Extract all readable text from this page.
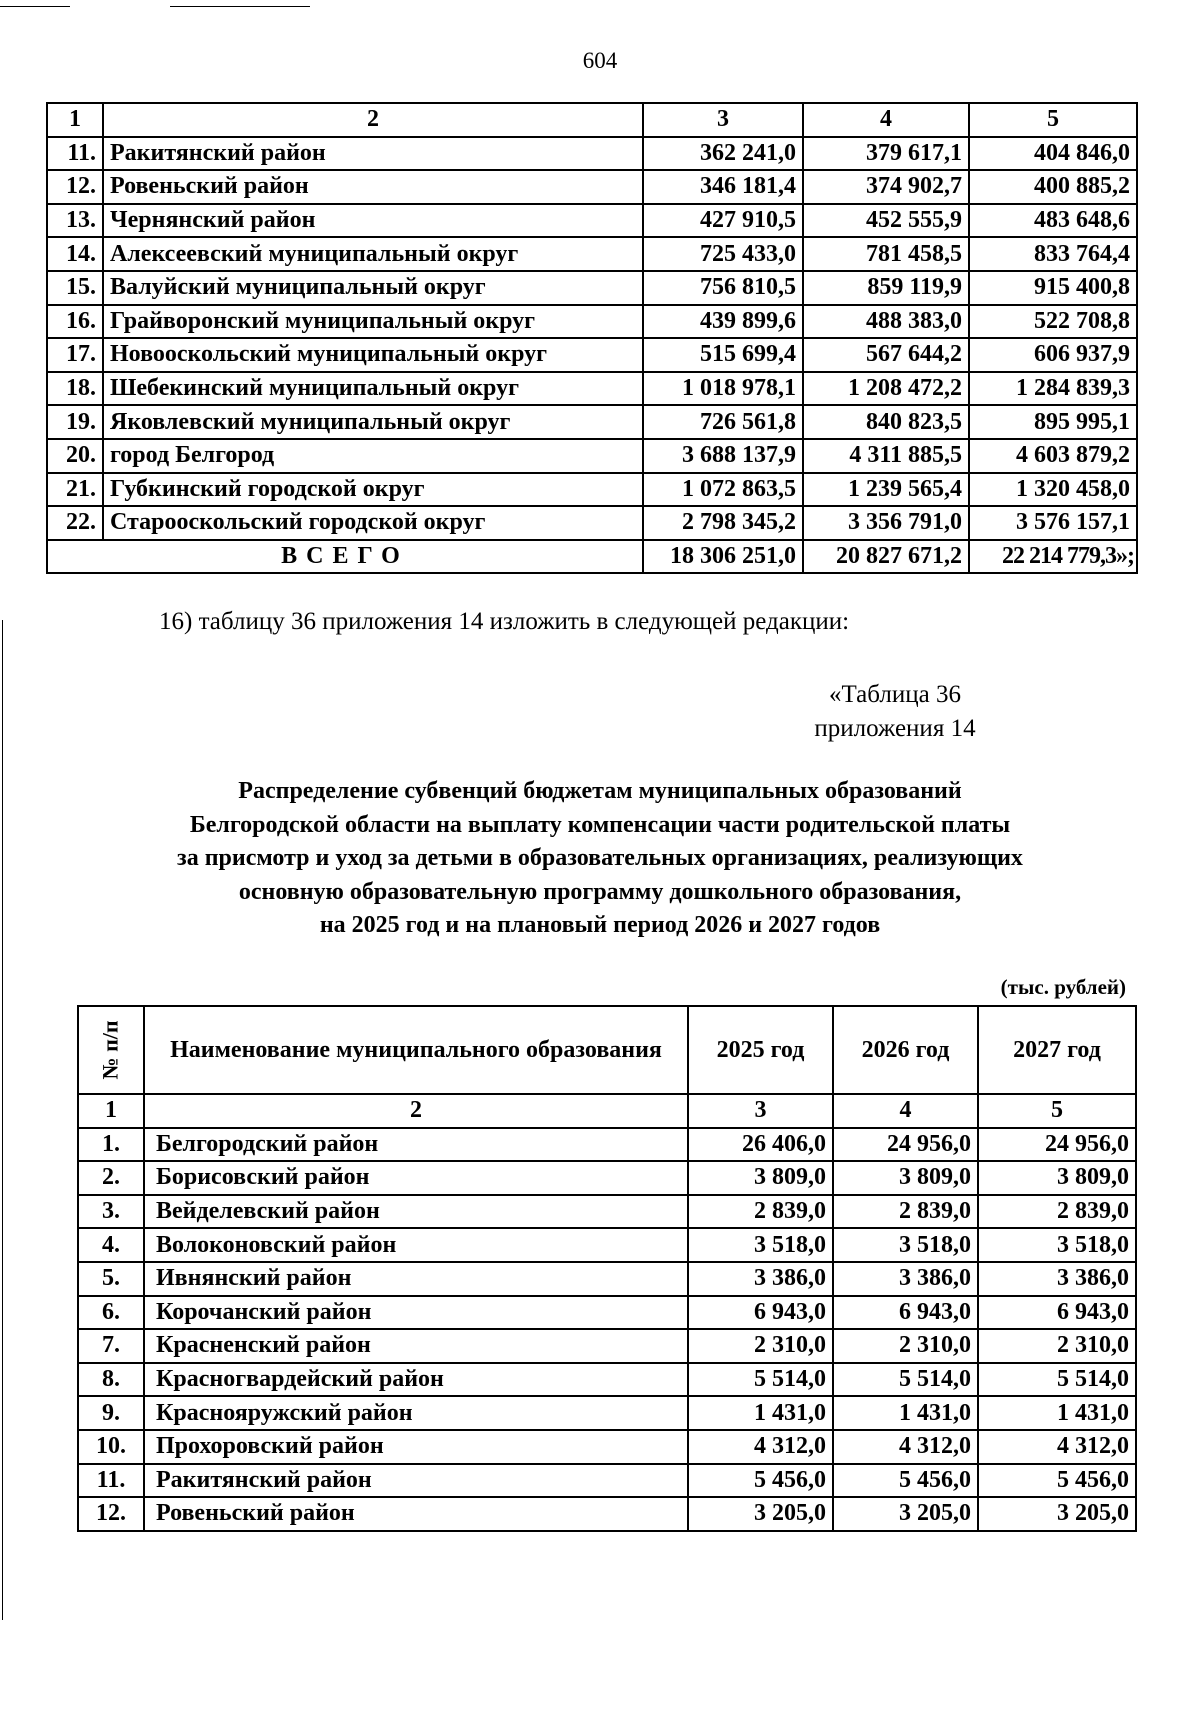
604
1	2	3	4	5
11.	Ракитянский район	362 241,0	379 617,1	404 846,0
12.	Ровеньский район	346 181,4	374 902,7	400 885,2
13.	Чернянский район	427 910,5	452 555,9	483 648,6
14.	Алексеевский муниципальный округ	725 433,0	781 458,5	833 764,4
15.	Валуйский муниципальный округ	756 810,5	859 119,9	915 400,8
16.	Грайворонский муниципальный округ	439 899,6	488 383,0	522 708,8
17.	Новооскольский муниципальный округ	515 699,4	567 644,2	606 937,9
18.	Шебекинский муниципальный округ	1 018 978,1	1 208 472,2	1 284 839,3
19.	Яковлевский муниципальный округ	726 561,8	840 823,5	895 995,1
20.	город Белгород	3 688 137,9	4 311 885,5	4 603 879,2
21.	Губкинский городской округ	1 072 863,5	1 239 565,4	1 320 458,0
22.	Старооскольский городской округ	2 798 345,2	3 356 791,0	3 576 157,1
ВСЕГО		18 306 251,0	20 827 671,2	22 214 779,3»;
16) таблицу 36 приложения 14 изложить в следующей редакции:
«Таблица 36
приложения 14
Распределение субвенций бюджетам муниципальных образований
Белгородской области на выплату компенсации части родительской платы
за присмотр и уход за детьми в образовательных организациях, реализующих
основную образовательную программу дошкольного образования,
на 2025 год и на плановый период 2026 и 2027 годов
(тыс. рублей)
№ п/п	Наименование муниципального образования	2025 год	2026 год	2027 год
1	2	3	4	5
1.	Белгородский район	26 406,0	24 956,0	24 956,0
2.	Борисовский район	3 809,0	3 809,0	3 809,0
3.	Вейделевский район	2 839,0	2 839,0	2 839,0
4.	Волоконовский район	3 518,0	3 518,0	3 518,0
5.	Ивнянский район	3 386,0	3 386,0	3 386,0
6.	Корочанский район	6 943,0	6 943,0	6 943,0
7.	Красненский район	2 310,0	2 310,0	2 310,0
8.	Красногвардейский район	5 514,0	5 514,0	5 514,0
9.	Краснояружский район	1 431,0	1 431,0	1 431,0
10.	Прохоровский район	4 312,0	4 312,0	4 312,0
11.	Ракитянский район	5 456,0	5 456,0	5 456,0
12.	Ровеньский район	3 205,0	3 205,0	3 205,0
